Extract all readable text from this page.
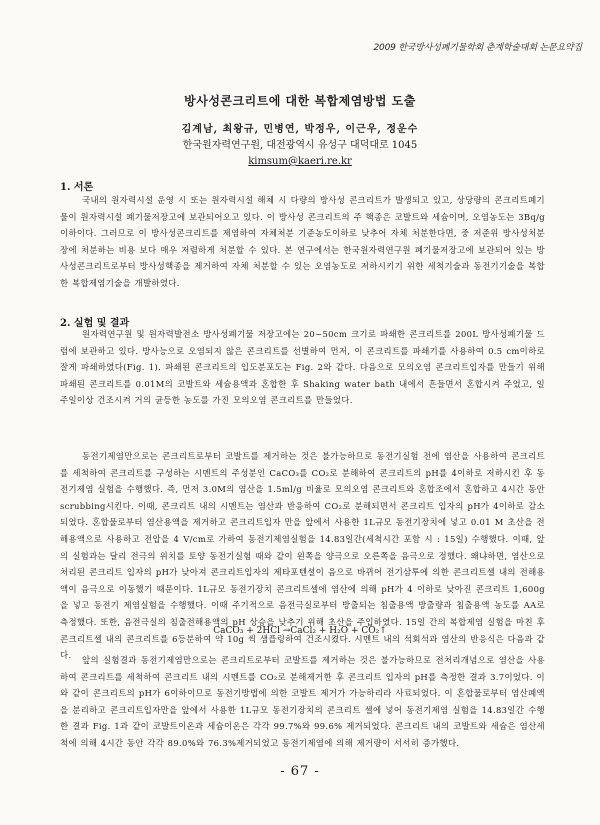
2009 한국방사성폐기물학회 춘계학술대회 논문요약집
방사성콘크리트에 대한 복합제염방법 도출
김계남, 최왕규, 민병연, 박정우, 이근우, 정운수
한국원자력연구원, 대전광역시 유성구 대덕대로 1045
kimsum@kaeri.re.kr
1. 서론
국내의 원자력시설 운영 시 또는 원자력시설 해체 시 다량의 방사성 콘크리트가 발생되고 있고, 상당량의 콘크리트폐기물이 원자력시설 폐기물저장고에 보관되어오고 있다. 이 방사성 콘크리트의 주 핵종은 코발트와 세슘이며, 오염농도는 3Bq/g 이하이다. 그러므로 이 방사성콘크리트를 제염하여 자체처분 기준농도이하로 낮추어 자체 처분한다면, 중 저준위 방사성처분장에 처분하는 비용 보다 매우 저렴하게 처분할 수 있다. 본 연구에서는 한국원자력연구원 폐기물저장고에 보관되어 있는 방사성콘크리트로부터 방사성핵종을 제거하여 자체 처분할 수 있는 오염농도로 저하시키기 위한 세척기술과 동전기기술을 복합한 복합제염기술을 개발하였다.
2. 실험 및 결과
원자력연구원 및 원자력발전소 방사성폐기물 저장고에는 20~50cm 크기로 파쇄한 콘크리트를 200L 방사성폐기물 드럼에 보관하고 있다. 방사능으로 오염되지 않은 콘크리트를 선별하여 먼저, 이 콘크리트를 파쇄기를 사용하여 0.5 cm이하로 잘게 파쇄하였다(Fig. 1). 파쇄된 콘크리트의 입도분포도는 Fig. 2와 같다. 다음으로 모의오염 콘크리트입자를 만들기 위해 파쇄된 콘크리트를 0.01M의 코발트와 세슘용액과 혼합한 후 Shaking water bath 내에서 흔들면서 혼합시켜 주었고, 일주일이상 건조시켜 거의 균등한 농도를 가진 모의오염 콘크리트를 만들었다.
동전기제염만으로는 콘크리트로부터 코발트를 제거하는 것은 불가능하므로 동전기실험 전에 염산을 사용하여 콘크리트를 세척하여 콘크리트를 구성하는 시멘트의 주성분인 CaCO₃를 CO₂로 분해하여 콘크리트의 pH를 4이하로 저하시킨 후 동전기제염 실험을 수행했다. 즉, 먼저 3.0M의 염산을 1.5ml/g 비율로 모의오염 콘크리트와 혼합조에서 혼합하고 4시간 동안 scrubbing시킨다. 이때, 콘크리트 내의 시멘트는 염산과 반응하여 CO₂로 분해되면서 콘크리트 입자의 pH가 4이하로 감소되었다. 혼합물로부터 염산용액을 제거하고 콘크리트입자 만을 앞에서 사용한 1L규모 동전기장치에 넣고 0.01 M 초산을 전해용액으로 사용하고 전압을 4 V/cm로 가하여 동전기제염실험을 14.83일간(세척시간 포함 시 : 15일) 수행했다. 이때, 앞의 실험과는 달리 전극의 위치를 토양 동전기실험 때와 같이 왼쪽을 양극으로 오른쪽을 음극으로 정했다. 왜냐하면, 염산으로 처리된 콘크리트 입자의 pH가 낮아져 콘크리트입자의 제타포텐셜이 음으로 바뀌어 전기삼투에 의한 콘크리트셀 내의 전해용액이 음극으로 이동했기 때문이다. 1L규모 동전기장치 콘크리트셀에 염산에 의해 pH가 4 이하로 낮아진 콘크리트 1,600g을 넣고 동전기 제염실험을 수행했다. 이때 주기적으로 음전극실로부터 방출되는 침출용액 방출량과 침출용액 농도를 AA로 측정했다. 또한, 음전극실의 침출전해용액의 pH 상승을 낮추기 위해 초산을 주입하였다. 15일 간의 복합제염 실험을 마친 후 콘크리트셀 내의 콘크리트를 6등분하여 약 10g 씩 샘플링하여 건조시켰다. 시멘트 내의 석회석과 염산의 반응식은 다음과 같다.
CaCO₃ + 2HCl →CaCl₂ + H₂O + CO₂↑
앞의 실험결과 동전기제염만으로는 콘크리트로부터 코발트를 제거하는 것은 불가능하므로 전처리개념으로 염산을 사용하여 콘크리트를 세척하여 콘크리트 내의 시멘트를 CO₂로 분해제거한 후 콘크리트 입자의 pH를 측정한 결과 3.7이었다. 이와 같이 콘크리트의 pH가 6이하이므로 동전기방법에 의한 코발트 제거가 가능하리라 사료되었다. 이 혼합물로부터 염산폐액을 분리하고 콘크리트입자만을 앞에서 사용한 1L규모 동전기장치의 콘크리트 셀에 넣어 동전기제염 실험을 14.83일간 수행한 결과 Fig. 1과 같이 코발트이온과 세슘이온은 각각 99.7%와 99.6% 제거되었다. 콘크리트 내의 코발트와 세슘은 염산세척에 의해 4시간 동안 각각 89.0%와 76.3%제거되었고 동전기제염에 의해 제거량이 서서히 증가했다.
- 67 -
